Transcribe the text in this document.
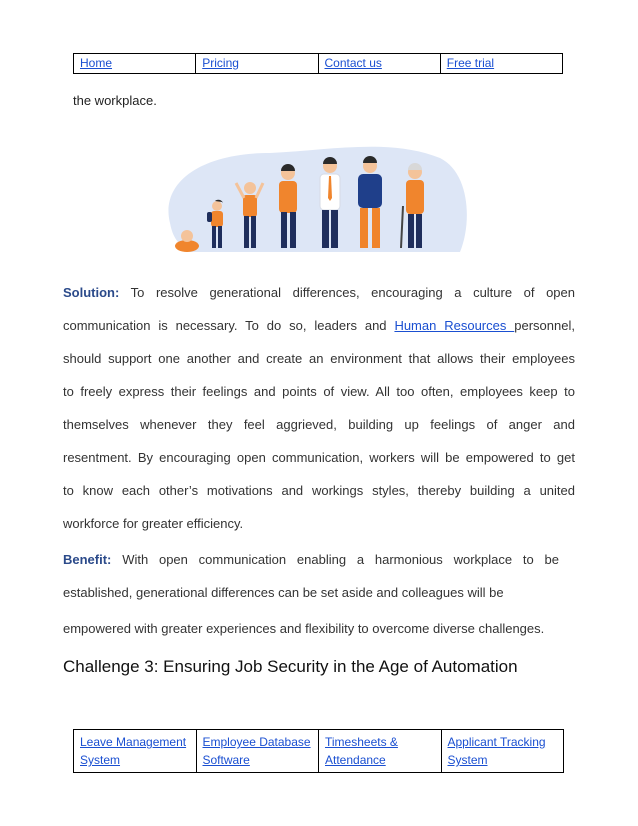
Home	Pricing	Contact us	Free trial

the workplace.

Solution: To resolve generational differences, encouraging a culture of open
communication is necessary. To do so, leaders and Human Resources personnel,
should support one another and create an environment that allows their employees
to freely express their feelings and points of view. All too often, employees keep to
themselves whenever they feel aggrieved, building up feelings of anger and
resentment. By encouraging open communication, workers will be empowered to get
to know each other’s motivations and workings styles, thereby building a united
workforce for greater efficiency.

Benefit: With open communication enabling a harmonious workplace to be
established, generational differences can be set aside and colleagues will be
empowered with greater experiences and flexibility to overcome diverse challenges.

Challenge 3: Ensuring Job Security in the Age of Automation
Leave Management System	Employee Database Software	Timesheets & Attendance	Applicant Tracking System
